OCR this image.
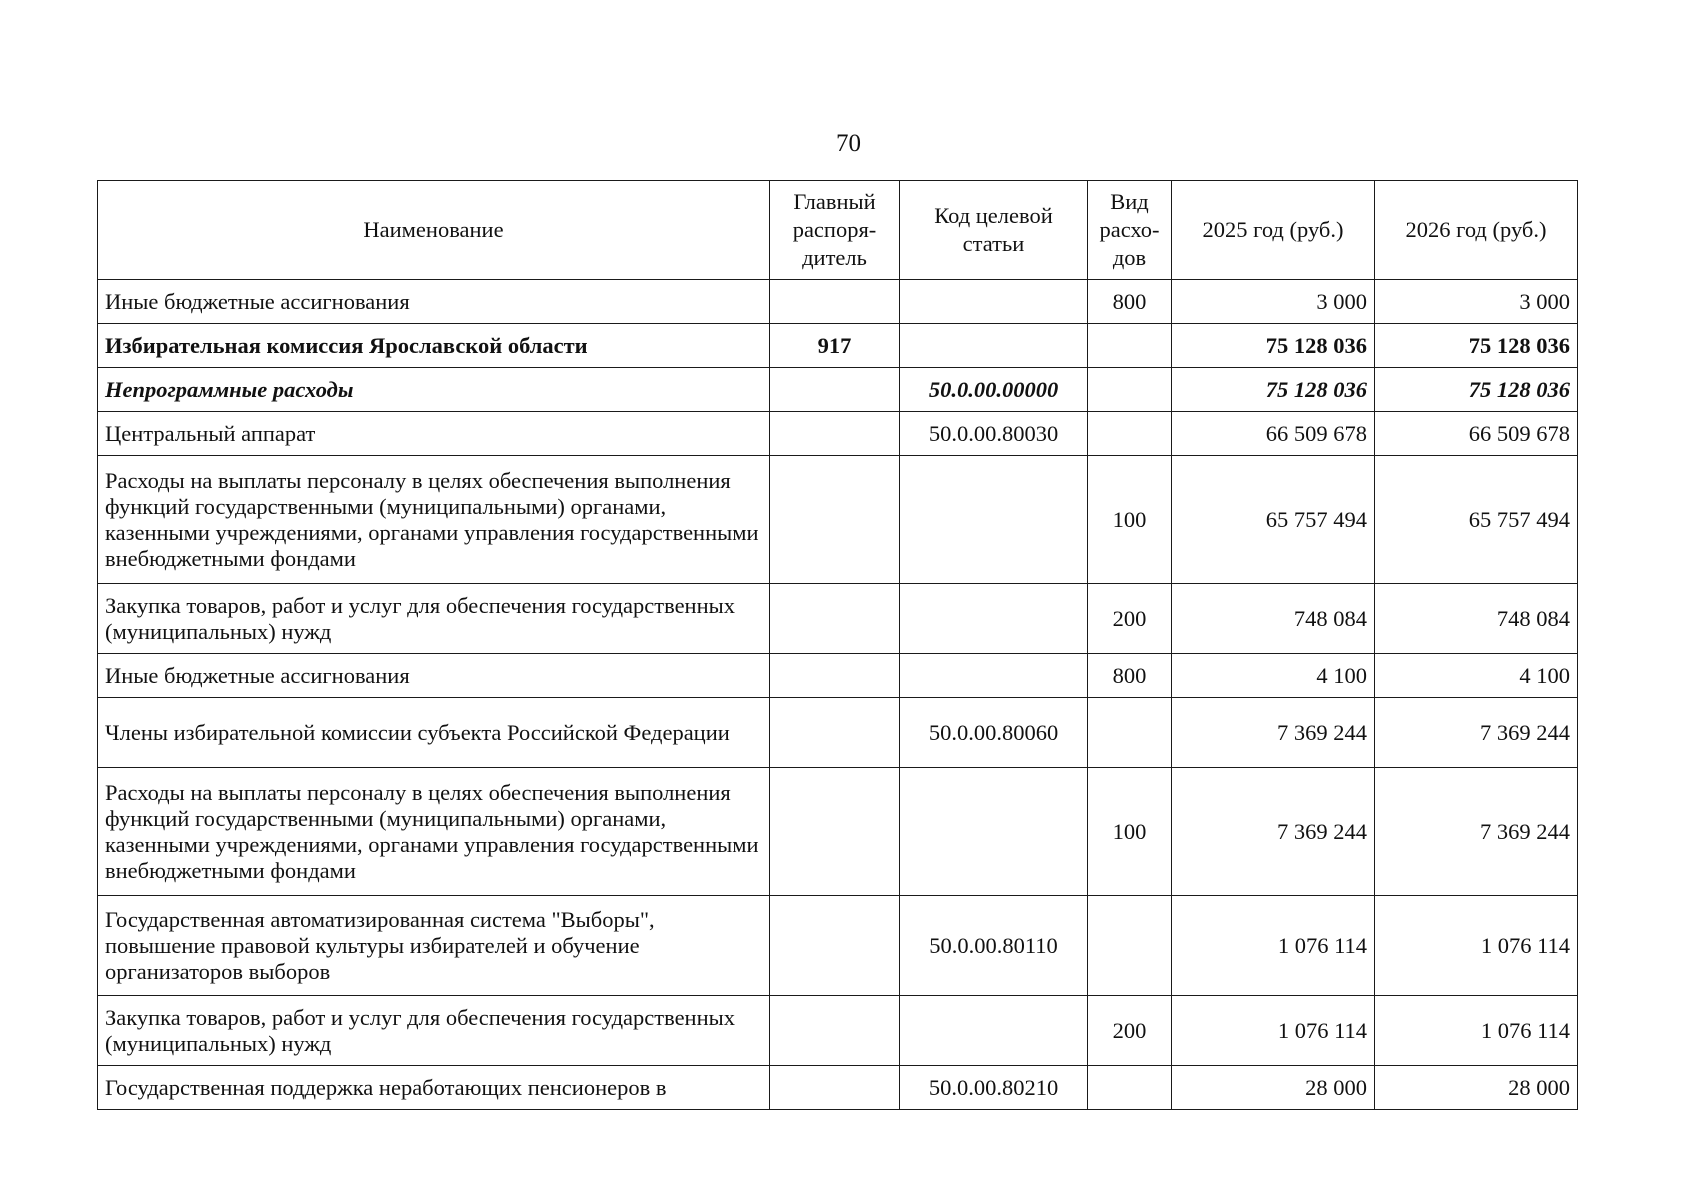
70
Наименование	Главный распоря-дитель	Код целевой статьи	Вид расхо-дов	2025 год (руб.)	2026 год (руб.)
Иные бюджетные ассигнования			800	3 000	3 000
Избирательная комиссия Ярославской области	917			75 128 036	75 128 036
Непрограммные расходы		50.0.00.00000		75 128 036	75 128 036
Центральный аппарат		50.0.00.80030		66 509 678	66 509 678
Расходы на выплаты персоналу в целях обеспечения выполнения функций государственными (муниципальными) органами, казенными учреждениями, органами управления государственными внебюджетными фондами			100	65 757 494	65 757 494
Закупка товаров, работ и услуг для обеспечения государственных (муниципальных) нужд			200	748 084	748 084
Иные бюджетные ассигнования			800	4 100	4 100
Члены избирательной комиссии субъекта Российской Федерации		50.0.00.80060		7 369 244	7 369 244
Расходы на выплаты персоналу в целях обеспечения выполнения функций государственными (муниципальными) органами, казенными учреждениями, органами управления государственными внебюджетными фондами			100	7 369 244	7 369 244
Государственная автоматизированная система "Выборы", повышение правовой культуры избирателей и обучение организаторов выборов		50.0.00.80110		1 076 114	1 076 114
Закупка товаров, работ и услуг для обеспечения государственных (муниципальных) нужд			200	1 076 114	1 076 114
Государственная поддержка неработающих пенсионеров в		50.0.00.80210		28 000	28 000
